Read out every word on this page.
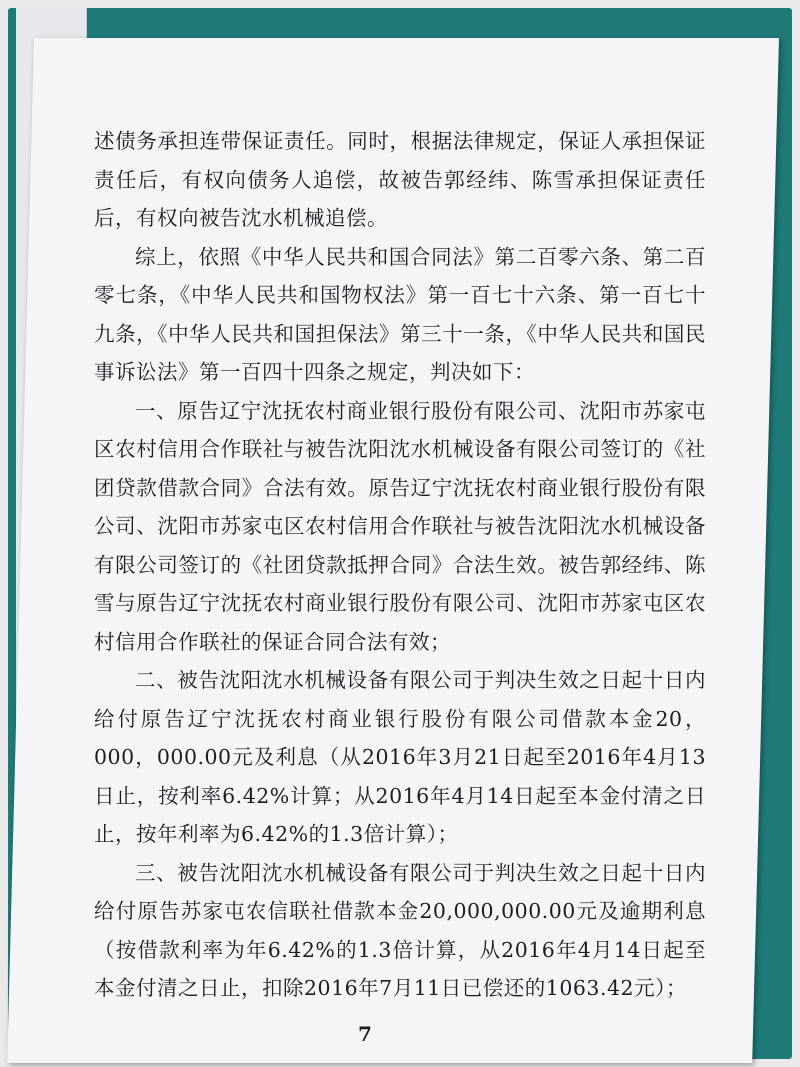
述债务承担连带保证责任。同时，根据法律规定，保证人承担保证责任后，有权向债务人追偿，故被告郭经纬、陈雪承担保证责任后，有权向被告沈水机械追偿。

综上，依照《中华人民共和国合同法》第二百零六条、第二百零七条，《中华人民共和国物权法》第一百七十六条、第一百七十九条，《中华人民共和国担保法》第三十一条，《中华人民共和国民事诉讼法》第一百四十四条之规定，判决如下：

一、原告辽宁沈抚农村商业银行股份有限公司、沈阳市苏家屯区农村信用合作联社与被告沈阳沈水机械设备有限公司签订的《社团贷款借款合同》合法有效。原告辽宁沈抚农村商业银行股份有限公司、沈阳市苏家屯区农村信用合作联社与被告沈阳沈水机械设备有限公司签订的《社团贷款抵押合同》合法生效。被告郭经纬、陈雪与原告辽宁沈抚农村商业银行股份有限公司、沈阳市苏家屯区农村信用合作联社的保证合同合法有效；

二、被告沈阳沈水机械设备有限公司于判决生效之日起十日内给付原告辽宁沈抚农村商业银行股份有限公司借款本金20，000，000.00元及利息（从2016年3月21日起至2016年4月13日止，按利率6.42%计算；从2016年4月14日起至本金付清之日止，按年利率为6.42%的1.3倍计算）；

三、被告沈阳沈水机械设备有限公司于判决生效之日起十日内给付原告苏家屯农信联社借款本金20,000,000.00元及逾期利息（按借款利率为年6.42%的1.3倍计算，从2016年4月14日起至本金付清之日止，扣除2016年7月11日已偿还的1063.42元）；

7
